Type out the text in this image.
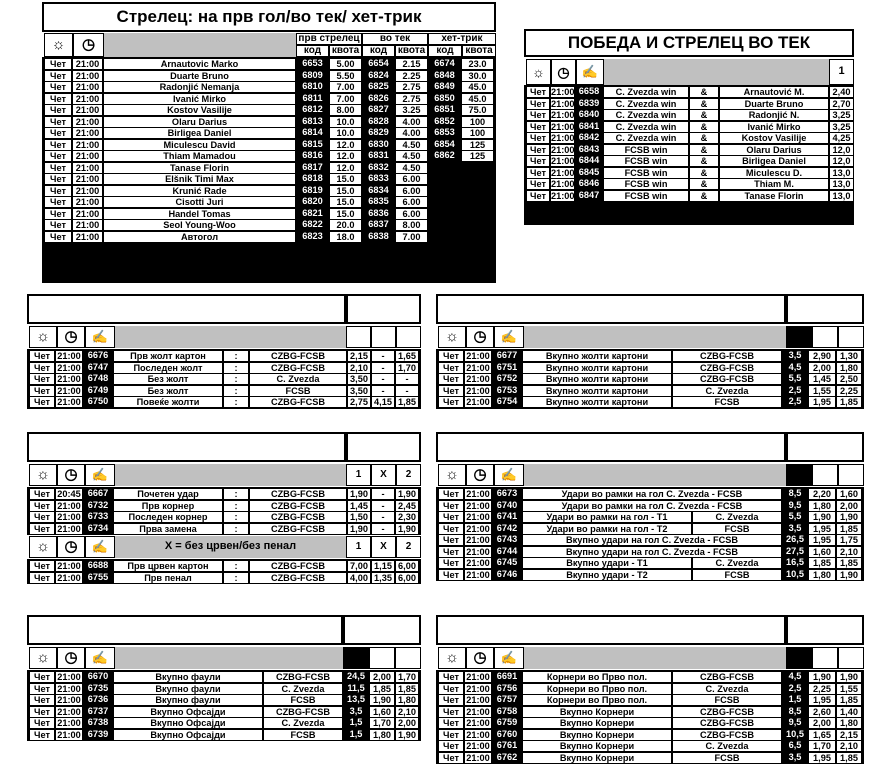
Стрелец: на прв гол/во тек/ хет-трик
☼	◷	прв стрелец	во тек	хет-трик
код	квота	код	квота	код	квота
Чет	21:00	Arnautovic Marko	6653	5.00	6654	2.15	6674	23.0
Чет	21:00	Duarte Bruno	6809	5.50	6824	2.25	6848	30.0
Чет	21:00	Radonjić Nemanja	6810	7.00	6825	2.75	6849	45.0
Чет	21:00	Ivanić Mirko	6811	7.00	6826	2.75	6850	45.0
Чет	21:00	Kostov Vasilije	6812	8.00	6827	3.25	6851	75.0
Чет	21:00	Olaru Darius	6813	10.0	6828	4.00	6852	100
Чет	21:00	Birligea Daniel	6814	10.0	6829	4.00	6853	100
Чет	21:00	Miculescu David	6815	12.0	6830	4.50	6854	125
Чет	21:00	Thiam Mamadou	6816	12.0	6831	4.50	6862	125
Чет	21:00	Tanase Florin	6817	12.0	6832	4.50
Чет	21:00	Elšnik Timi Max	6818	15.0	6833	6.00
Чет	21:00	Krunić Rade	6819	15.0	6834	6.00
Чет	21:00	Cisotti Juri	6820	15.0	6835	6.00
Чет	21:00	Handel Tomas	6821	15.0	6836	6.00
Чет	21:00	Seol Young-Woo	6822	20.0	6837	8.00
Чет	21:00	Автогол	6823	18.0	6838	7.00
ПОБЕДА И СТРЕЛЕЦ ВО ТЕК
☼ ◷ ✍	1
Чет 21:00 6658	C. Zvezda win	&	Arnautović M.	2,40
Чет 21:00 6839	C. Zvezda win	&	Duarte Bruno	2,70
Чет 21:00 6840	C. Zvezda win	&	Radonjić N.	3,25
Чет 21:00 6841	C. Zvezda win	&	Ivanić Mirko	3,25
Чет 21:00 6842	C. Zvezda win	&	Kostov Vasilije	4,25
Чет 21:00 6843	FCSB win	&	Olaru Darius	12,0
Чет 21:00 6844	FCSB win	&	Birligea Daniel	12,0
Чет 21:00 6845	FCSB win	&	Miculescu D.	13,0
Чет 21:00 6846	FCSB win	&	Thiam M.	13,0
Чет 21:00 6847	FCSB win	&	Tanase Florin	13,0
☼ ◷	✍
Чет 21:00 6676	Прв жолт картон	:	CZBG-FCSB	2,15	-	1,65
Чет 21:00 6747	Последен жолт	:	CZBG-FCSB	2,10	-	1,70
Чет 21:00 6748	Без жолт	:	C. Zvezda	3,50	-	-
Чет 21:00 6749	Без жолт	:	FCSB	3,50	-	-
Чет 21:00 6750	Повеќе жолти	:	CZBG-FCSB	2,75 4,15 1,85
☼ ◷	✍
Чет 21:00 6677	Вкупно жолти картони	CZBG-FCSB	3,5	2,90 1,30
Чет 21:00 6751	Вкупно жолти картони	CZBG-FCSB	4,5	2,00 1,80
Чет 21:00 6752	Вкупно жолти картони	CZBG-FCSB	5,5	1,45 2,50
Чет 21:00 6753	Вкупно жолти картони	C. Zvezda	2,5	1,55 2,25
Чет 21:00 6754	Вкупно жолти картони	FCSB	2,5	1,95 1,85
☼ ◷	✍	1	X	2
Чет 20:45 6667	Почетен удар	:	CZBG-FCSB	1,90	-	1,90
Чет 21:00 6732	Прв корнер	:	CZBG-FCSB	1,45	-	2,45
Чет 21:00 6733	Последен корнер	:	CZBG-FCSB	1,50	-	2,30
Чет 21:00 6734	Прва замена	:	CZBG-FCSB	1,90	-	1,90
☼ ◷	✍	X = без црвен/без пенал	1	X	2
Чет 21:00 6688	Прв црвен картон	:	CZBG-FCSB	7,00 1,15 6,00
Чет 21:00 6755	Прв пенал	:	CZBG-FCSB	4,00 1,35 6,00
☼ ◷	✍
Чет 21:00 6673	Удари во рамки на гол C. Zvezda - FCSB	8,5	2,20 1,60
Чет 21:00 6740	Удари во рамки на гол C. Zvezda - FCSB	9,5	1,80 2,00
Чет 21:00 6741	Удари во рамки на гол - Т1	C. Zvezda	5,5	1,90 1,90
Чет 21:00 6742	Удари во рамки на гол - Т2	FCSB	3,5	1,95 1,85
Чет 21:00 6743	Вкупно удари на гол C. Zvezda - FCSB	26,5 1,95 1,75
Чет 21:00 6744	Вкупно удари на гол C. Zvezda - FCSB	27,5 1,60 2,10
Чет 21:00 6745	Вкупно удари - Т1	C. Zvezda	16,5 1,85 1,85
Чет 21:00 6746	Вкупно удари - Т2	FCSB	10,5 1,80 1,90
☼ ◷	✍
Чет 21:00 6670	Вкупно фаули	CZBG-FCSB	24,5 2,00 1,70
Чет 21:00 6735	Вкупно фаули	C. Zvezda	11,5 1,85 1,85
Чет 21:00 6736	Вкупно фаули	FCSB	13,5 1,90 1,80
Чет 21:00 6737	Вкупно Офсајди	CZBG-FCSB	3,5	1,60 2,10
Чет 21:00 6738	Вкупно Офсајди	C. Zvezda	1,5	1,70 2,00
Чет 21:00 6739	Вкупно Офсајди	FCSB	1,5	1,80 1,90
☼ ◷	✍
Чет 21:00 6691	Корнери во Прво пол.	CZBG-FCSB	4,5	1,90 1,90
Чет 21:00 6756	Корнери во Прво пол.	C. Zvezda	2,5	2,25 1,55
Чет 21:00 6757	Корнери во Прво пол.	FCSB	1,5	1,95 1,85
Чет 21:00 6758	Вкупно Корнери	CZBG-FCSB	8,5	2,60 1,40
Чет 21:00 6759	Вкупно Корнери	CZBG-FCSB	9,5	2,00 1,80
Чет 21:00 6760	Вкупно Корнери	CZBG-FCSB	10,5 1,65 2,15
Чет 21:00 6761	Вкупно Корнери	C. Zvezda	6,5	1,70 2,10
Чет 21:00 6762	Вкупно Корнери	FCSB	3,5	1,95 1,85
